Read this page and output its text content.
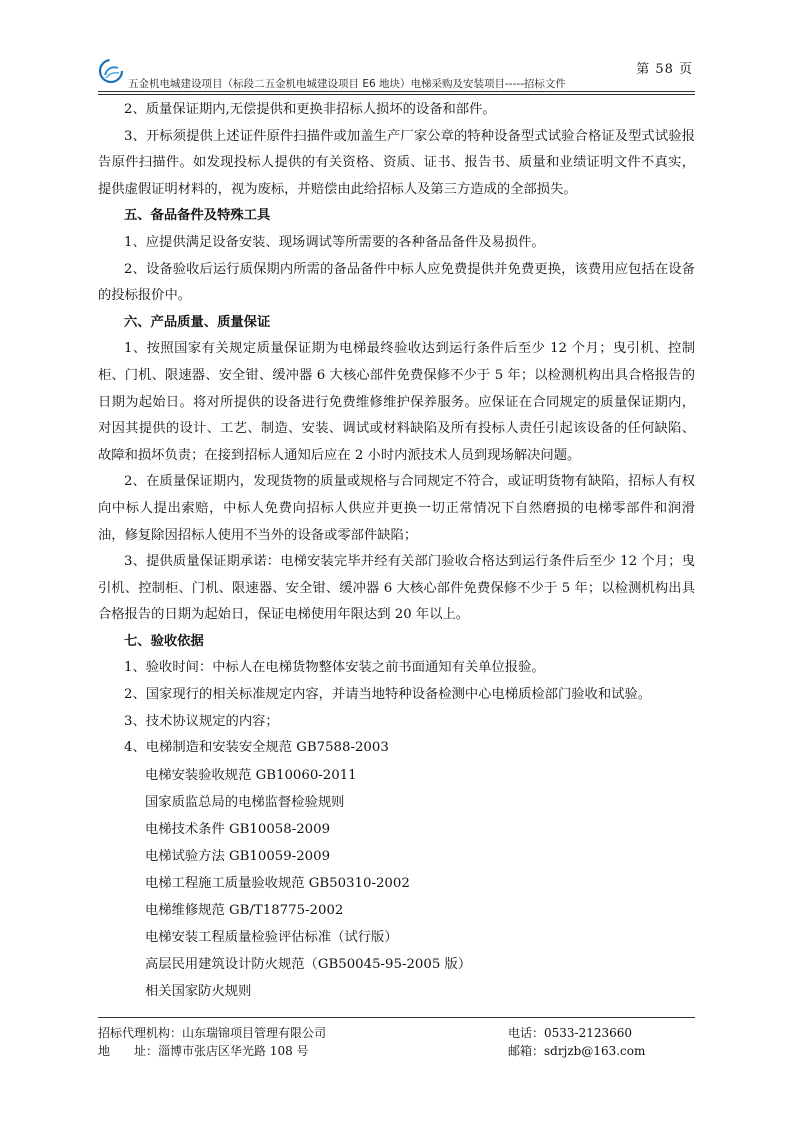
第 58 页
五金机电城建设项目（标段二五金机电城建设项目 E6 地块）电梯采购及安装项目-----招标文件

2、质量保证期内,无偿提供和更换非招标人损坏的设备和部件。

3、开标须提供上述证件原件扫描件或加盖生产厂家公章的特种设备型式试验合格证及型式试验报告原件扫描件。如发现投标人提供的有关资格、资质、证书、报告书、质量和业绩证明文件不真实，提供虚假证明材料的，视为废标，并赔偿由此给招标人及第三方造成的全部损失。

五、备品备件及特殊工具

1、应提供满足设备安装、现场调试等所需要的各种备品备件及易损件。

2、设备验收后运行质保期内所需的备品备件中标人应免费提供并免费更换，该费用应包括在设备的投标报价中。

六、产品质量、质量保证

1、按照国家有关规定质量保证期为电梯最终验收达到运行条件后至少 12 个月；曳引机、控制柜、门机、限速器、安全钳、缓冲器 6 大核心部件免费保修不少于 5 年；以检测机构出具合格报告的日期为起始日。将对所提供的设备进行免费维修维护保养服务。应保证在合同规定的质量保证期内，对因其提供的设计、工艺、制造、安装、调试或材料缺陷及所有投标人责任引起该设备的任何缺陷、故障和损坏负责；在接到招标人通知后应在 2 小时内派技术人员到现场解决问题。

2、在质量保证期内，发现货物的质量或规格与合同规定不符合，或证明货物有缺陷，招标人有权向中标人提出索赔，中标人免费向招标人供应并更换一切正常情况下自然磨损的电梯零部件和润滑油，修复除因招标人使用不当外的设备或零部件缺陷；

3、提供质量保证期承诺：电梯安装完毕并经有关部门验收合格达到运行条件后至少 12 个月；曳引机、控制柜、门机、限速器、安全钳、缓冲器 6 大核心部件免费保修不少于 5 年；以检测机构出具合格报告的日期为起始日，保证电梯使用年限达到 20 年以上。

七、验收依据

1、验收时间：中标人在电梯货物整体安装之前书面通知有关单位报验。

2、国家现行的相关标准规定内容，并请当地特种设备检测中心电梯质检部门验收和试验。

3、技术协议规定的内容；

4、电梯制造和安装安全规范 GB7588-2003

电梯安装验收规范 GB10060-2011
国家质监总局的电梯监督检验规则
电梯技术条件 GB10058-2009
电梯试验方法 GB10059-2009
电梯工程施工质量验收规范 GB50310-2002
电梯维修规范 GB/T18775-2002
电梯安装工程质量检验评估标准（试行版）
高层民用建筑设计防火规范（GB50045-95-2005 版）
相关国家防火规则
招标代理机构：山东瑞锦项目管理有限公司
地　　址：淄博市张店区华光路 108 号
电话：0533-2123660
邮箱：sdrjzb@163.com
